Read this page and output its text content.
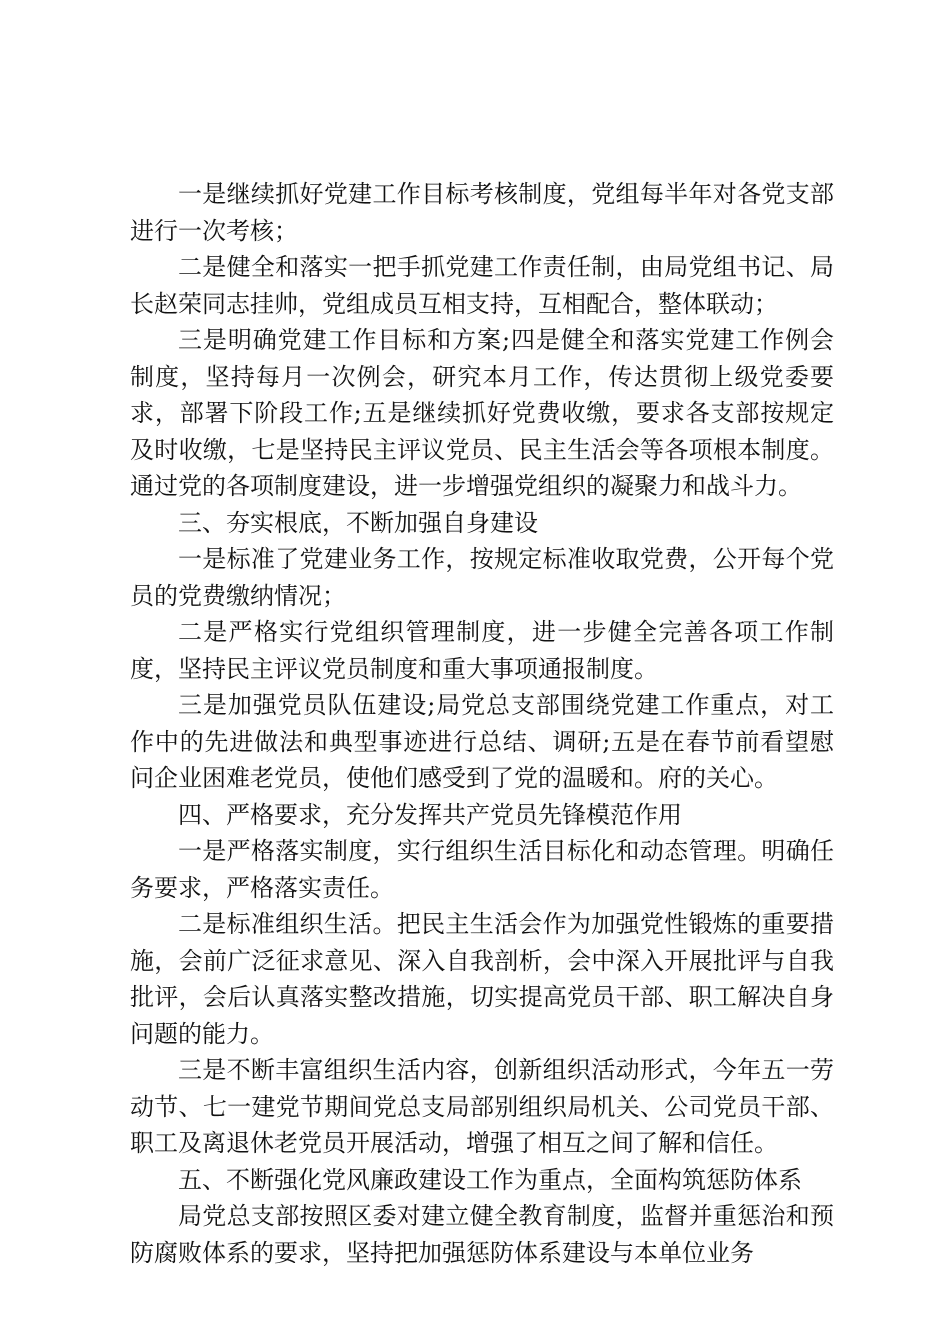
一是继续抓好党建工作目标考核制度，党组每半年对各党支部进行一次考核；

二是健全和落实一把手抓党建工作责任制，由局党组书记、局长赵荣同志挂帅，党组成员互相支持，互相配合，整体联动；

三是明确党建工作目标和方案;四是健全和落实党建工作例会制度，坚持每月一次例会，研究本月工作，传达贯彻上级党委要求，部署下阶段工作;五是继续抓好党费收缴，要求各支部按规定及时收缴，七是坚持民主评议党员、民主生活会等各项根本制度。通过党的各项制度建设，进一步增强党组织的凝聚力和战斗力。

三、夯实根底，不断加强自身建设

一是标准了党建业务工作，按规定标准收取党费，公开每个党员的党费缴纳情况；

二是严格实行党组织管理制度，进一步健全完善各项工作制度，坚持民主评议党员制度和重大事项通报制度。

三是加强党员队伍建设;局党总支部围绕党建工作重点，对工作中的先进做法和典型事迹进行总结、调研;五是在春节前看望慰问企业困难老党员，使他们感受到了党的温暖和。府的关心。

四、严格要求，充分发挥共产党员先锋模范作用

一是严格落实制度，实行组织生活目标化和动态管理。明确任务要求，严格落实责任。

二是标准组织生活。把民主生活会作为加强党性锻炼的重要措施，会前广泛征求意见、深入自我剖析，会中深入开展批评与自我批评，会后认真落实整改措施，切实提高党员干部、职工解决自身问题的能力。

三是不断丰富组织生活内容，创新组织活动形式，今年五一劳动节、七一建党节期间党总支局部别组织局机关、公司党员干部、职工及离退休老党员开展活动，增强了相互之间了解和信任。

五、不断强化党风廉政建设工作为重点，全面构筑惩防体系

局党总支部按照区委对建立健全教育制度，监督并重惩治和预防腐败体系的要求，坚持把加强惩防体系建设与本单位业务
